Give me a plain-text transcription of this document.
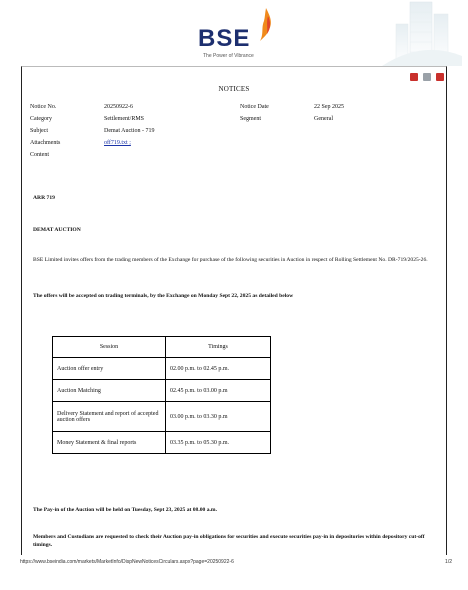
BSE
The Power of Vibrance
NOTICES
Notice No.	20250922-6	Notice Date	22 Sep 2025
Category	Settlement/RMS	Segment	General
Subject	Demat Auction - 719
Attachments	off719.txt ;
Content
ARR 719
DEMAT AUCTION
BSE Limited invites offers from the trading members of the Exchange for purchase of the following securities in Auction in respect of Rolling Settlement No. DR-719/2025-26.
The offers will be accepted on trading terminals, by the Exchange on Monday Sept 22, 2025 as detailed below
Session	Timings
Auction offer entry	02.00 p.m. to 02.45 p.m.
Auction Matching	02.45 p.m. to 03.00 p.m
Delivery Statement and report of accepted auction offers	03.00 p.m. to 03.30 p.m
Money Statement & final reports	03.35 p.m. to 05.30 p.m.
The Pay-in of the Auction will be held on Tuesday, Sept 23, 2025 at 08.00 a.m.
Members and Custodians are requested to check their Auction pay-in obligations for securities and execute securities pay-in in depositories within depository cut-off timings.
https://www.bseindia.com/markets/MarketInfo/DispNewNoticesCirculars.aspx?page=20250922-6	1/2
